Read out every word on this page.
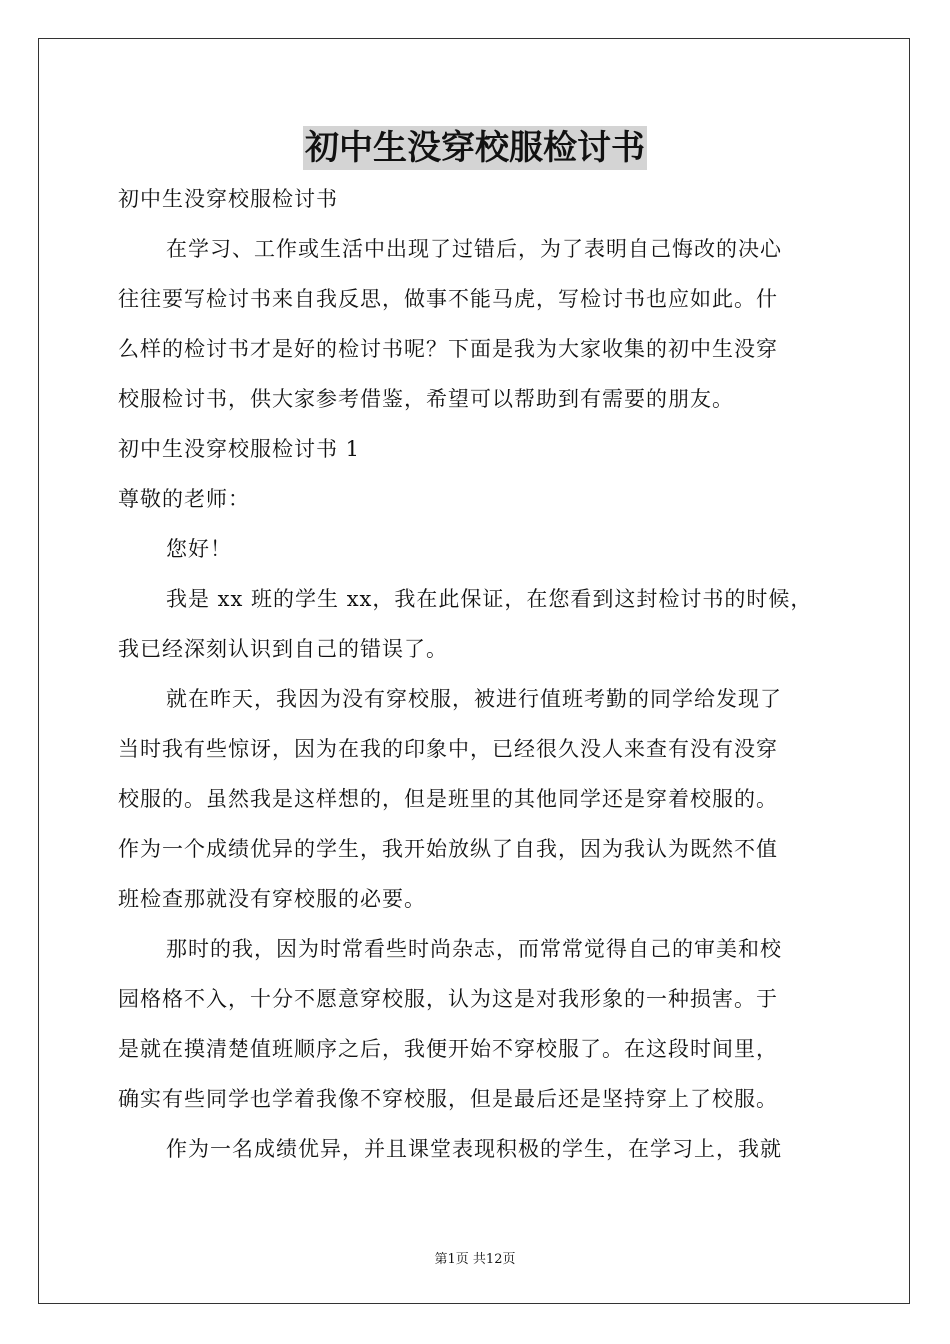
初中生没穿校服检讨书
初中生没穿校服检讨书
在学习、工作或生活中出现了过错后，为了表明自己悔改的决心
往往要写检讨书来自我反思，做事不能马虎，写检讨书也应如此。什
么样的检讨书才是好的检讨书呢？下面是我为大家收集的初中生没穿
校服检讨书，供大家参考借鉴，希望可以帮助到有需要的朋友。
初中生没穿校服检讨书 1
尊敬的老师：
您好！
我是 xx 班的学生 xx，我在此保证，在您看到这封检讨书的时候，
我已经深刻认识到自己的错误了。
就在昨天，我因为没有穿校服，被进行值班考勤的同学给发现了
当时我有些惊讶，因为在我的印象中，已经很久没人来查有没有没穿
校服的。虽然我是这样想的，但是班里的其他同学还是穿着校服的。
作为一个成绩优异的学生，我开始放纵了自我，因为我认为既然不值
班检查那就没有穿校服的必要。
那时的我，因为时常看些时尚杂志，而常常觉得自己的审美和校
园格格不入，十分不愿意穿校服，认为这是对我形象的一种损害。于
是就在摸清楚值班顺序之后，我便开始不穿校服了。在这段时间里，
确实有些同学也学着我像不穿校服，但是最后还是坚持穿上了校服。
作为一名成绩优异，并且课堂表现积极的学生，在学习上，我就
第1页 共12页
